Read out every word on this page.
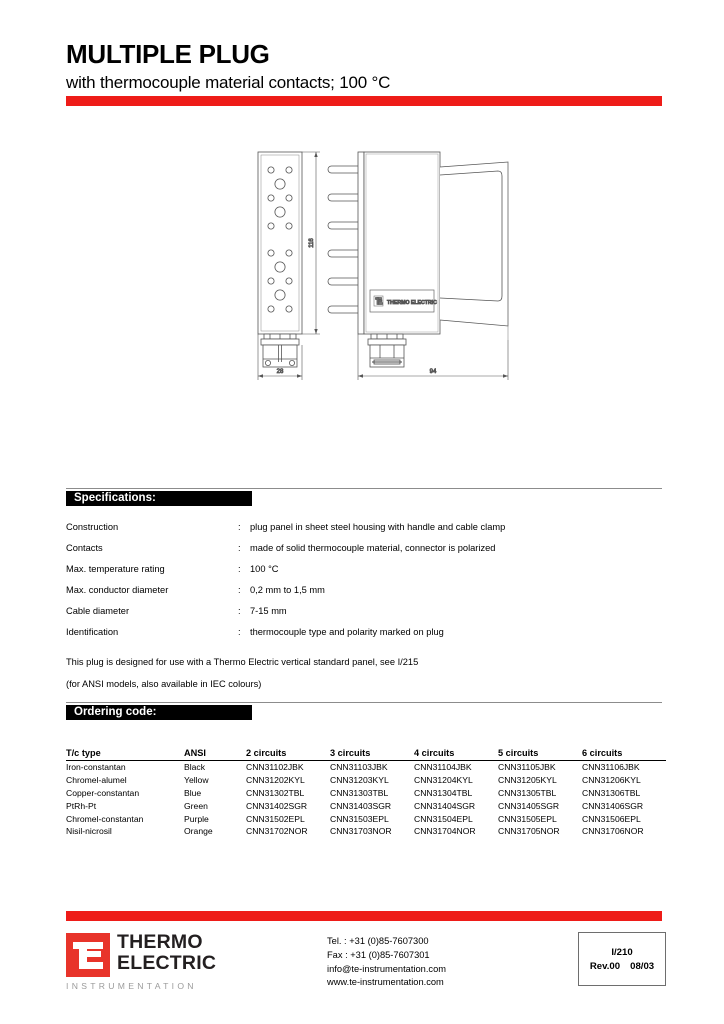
MULTIPLE PLUG
with thermocouple material contacts; 100 °C
116
28
THERMO ELECTRIC
94
Specifications:
Construction	:	plug panel in sheet steel housing with handle and cable clamp
Contacts	:	made of solid thermocouple material, connector is polarized
Max. temperature rating	:	100 °C
Max. conductor diameter	:	0,2 mm to 1,5 mm
Cable diameter	:	7-15 mm
Identification	:	thermocouple type and polarity marked on plug
This plug is designed for use with a Thermo Electric vertical standard panel, see I/215
(for ANSI models, also available in IEC colours)
Ordering code:
T/c type	ANSI	2 circuits	3 circuits	4 circuits	5 circuits	6 circuits
Iron-constantan	Black	CNN31102JBK	CNN31103JBK	CNN31104JBK	CNN31105JBK	CNN31106JBK
Chromel-alumel	Yellow	CNN31202KYL	CNN31203KYL	CNN31204KYL	CNN31205KYL	CNN31206KYL
Copper-constantan	Blue	CNN31302TBL	CNN31303TBL	CNN31304TBL	CNN31305TBL	CNN31306TBL
PtRh-Pt	Green	CNN31402SGR	CNN31403SGR	CNN31404SGR	CNN31405SGR	CNN31406SGR
Chromel-constantan	Purple	CNN31502EPL	CNN31503EPL	CNN31504EPL	CNN31505EPL	CNN31506EPL
Nisil-nicrosil	Orange	CNN31702NOR	CNN31703NOR	CNN31704NOR	CNN31705NOR	CNN31706NOR
THERMO
ELECTRIC
INSTRUMENTATION
Tel. : +31 (0)85-7607300
Fax : +31 (0)85-7607301
info@te-instrumentation.com
www.te-instrumentation.com
I/210
Rev.00 08/03
